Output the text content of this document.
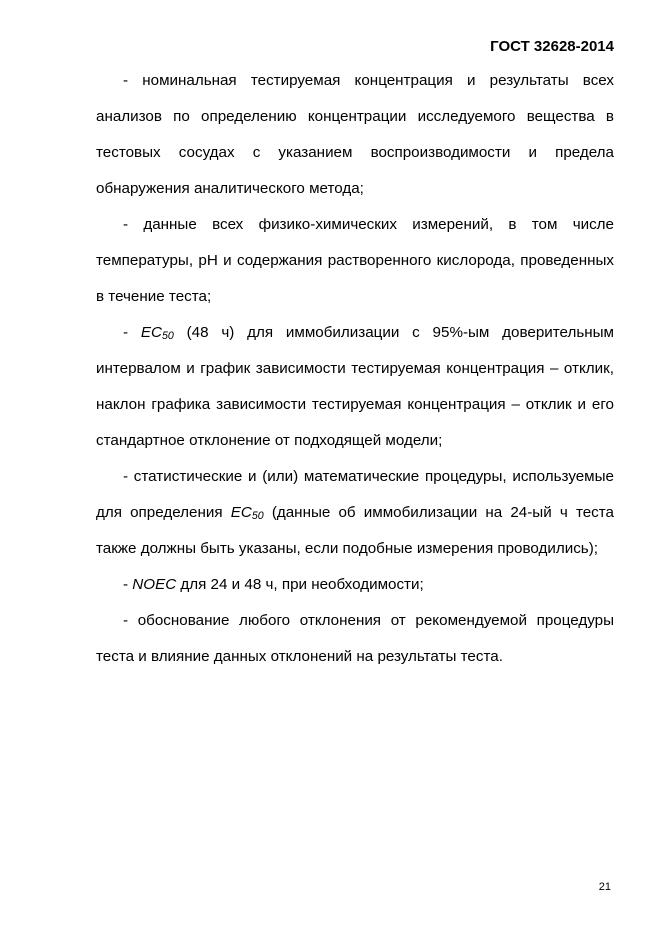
ГОСТ 32628-2014

- номинальная тестируемая концентрация и результаты всех анализов по определению концентрации исследуемого вещества в тестовых сосудах с указанием воспроизводимости и предела обнаружения аналитического метода;

- данные всех физико-химических измерений, в том числе температуры, pH и содержания растворенного кислорода, проведенных в течение теста;

- $EC_{50}$ (48 ч) для иммобилизации с 95%-ым доверительным интервалом и график зависимости тестируемая концентрация – отклик, наклон графика зависимости тестируемая концентрация – отклик и его стандартное отклонение от подходящей модели;

- статистические и (или) математические процедуры, используемые для определения $EC_{50}$ (данные об иммобилизации на 24-ый ч теста также должны быть указаны, если подобные измерения проводились);

- NOEC для 24 и 48 ч, при необходимости;

- обоснование любого отклонения от рекомендуемой процедуры теста и влияние данных отклонений на результаты теста.

21
